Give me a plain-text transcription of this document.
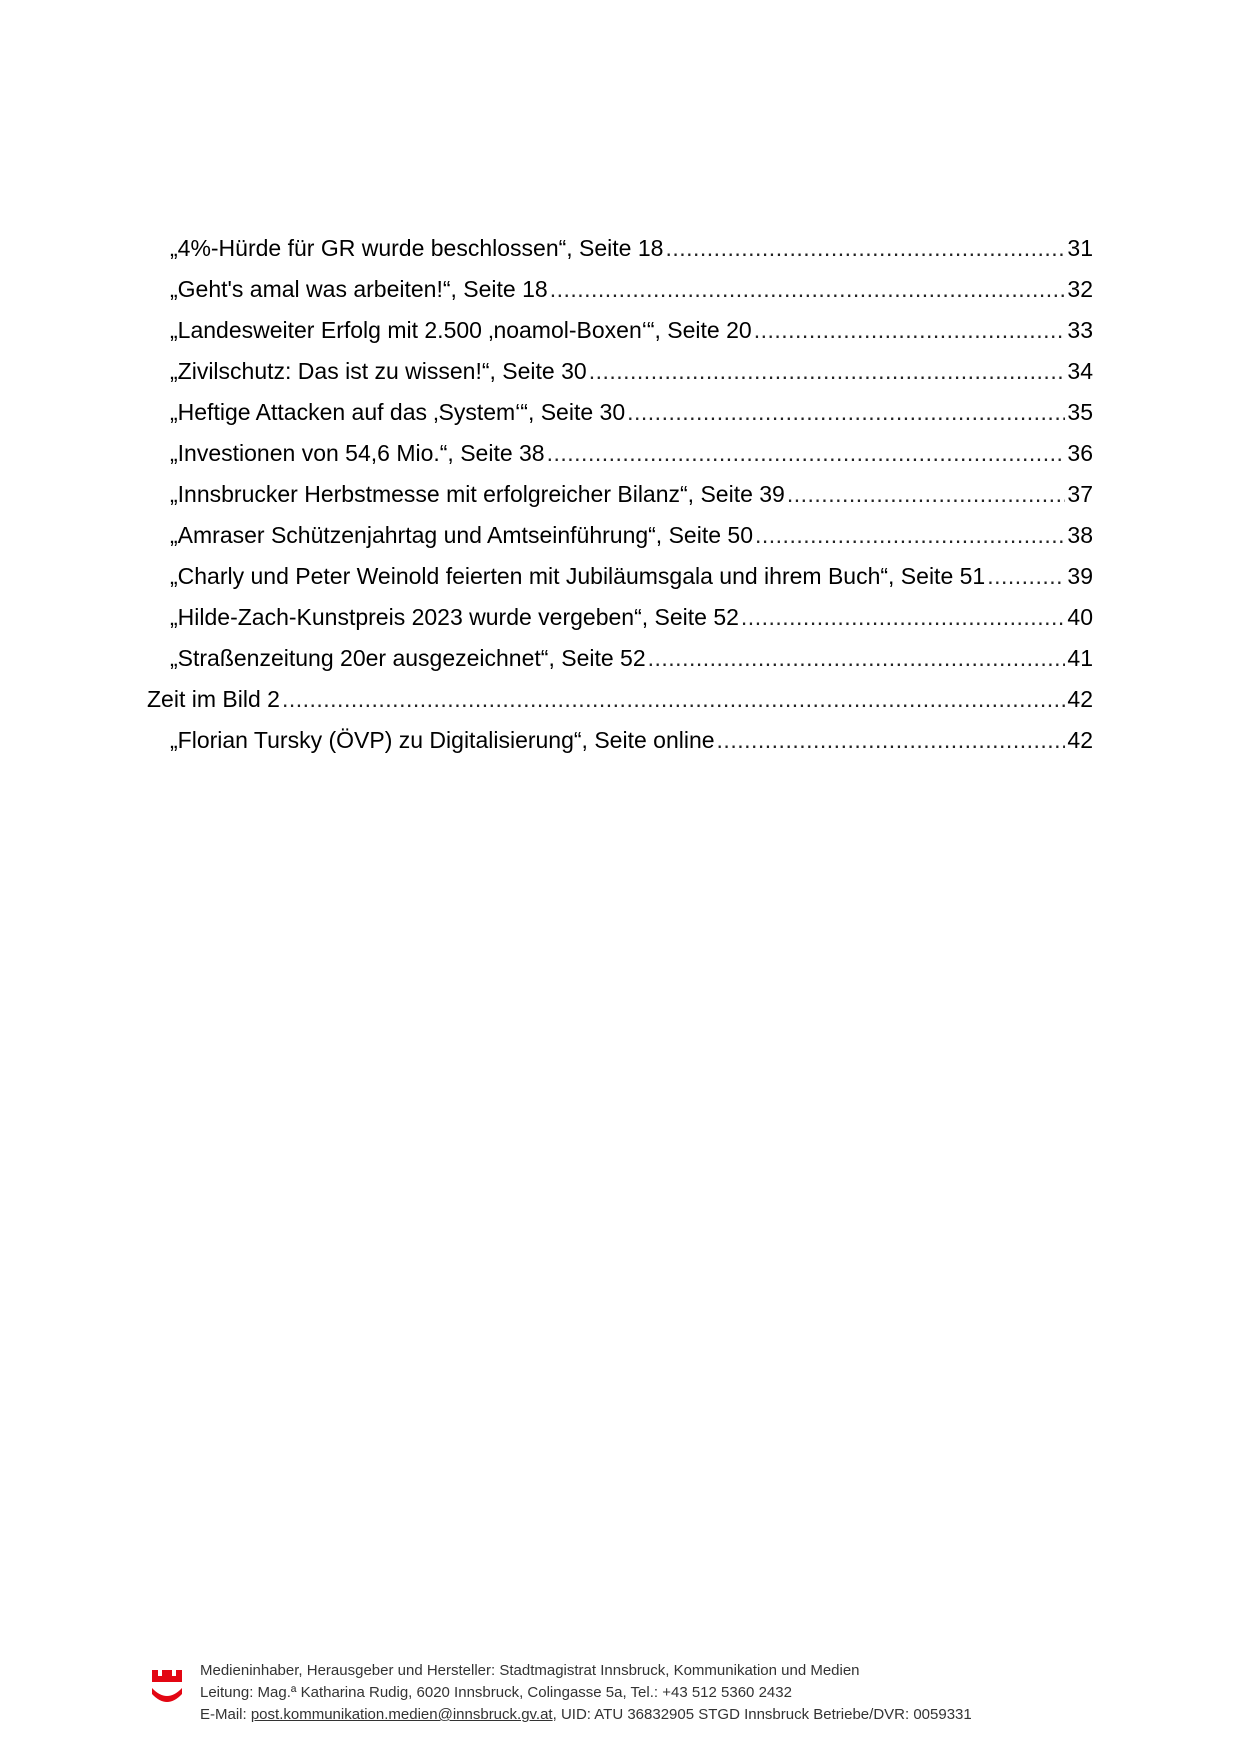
„4%-Hürde für GR wurde beschlossen“, Seite 18 .....	31
„Geht's amal was arbeiten!“, Seite 18 .....	32
„Landesweiter Erfolg mit 2.500 ‚noamol-Boxen‘“, Seite 20 .....	33
„Zivilschutz: Das ist zu wissen!“, Seite 30 .....	34
„Heftige Attacken auf das ‚System‘“, Seite 30 .....	35
„Investionen von 54,6 Mio.“, Seite 38 .....	36
„Innsbrucker Herbstmesse mit erfolgreicher Bilanz“, Seite 39 .....	37
„Amraser Schützenjahrtag und Amtseinführung“, Seite 50 .....	38
„Charly und Peter Weinold feierten mit Jubiläumsgala und ihrem Buch“, Seite 51 .....	39
„Hilde-Zach-Kunstpreis 2023 wurde vergeben“, Seite 52 .....	40
„Straßenzeitung 20er ausgezeichnet“, Seite 52 .....	41
Zeit im Bild 2 .....	42
„Florian Tursky (ÖVP) zu Digitalisierung“, Seite online .....	42
Medieninhaber, Herausgeber und Hersteller: Stadtmagistrat Innsbruck, Kommunikation und Medien
Leitung: Mag.ª Katharina Rudig, 6020 Innsbruck, Colingasse 5a, Tel.: +43 512 5360 2432
E-Mail: post.kommunikation.medien@innsbruck.gv.at, UID: ATU 36832905 STGD Innsbruck Betriebe/DVR: 0059331
